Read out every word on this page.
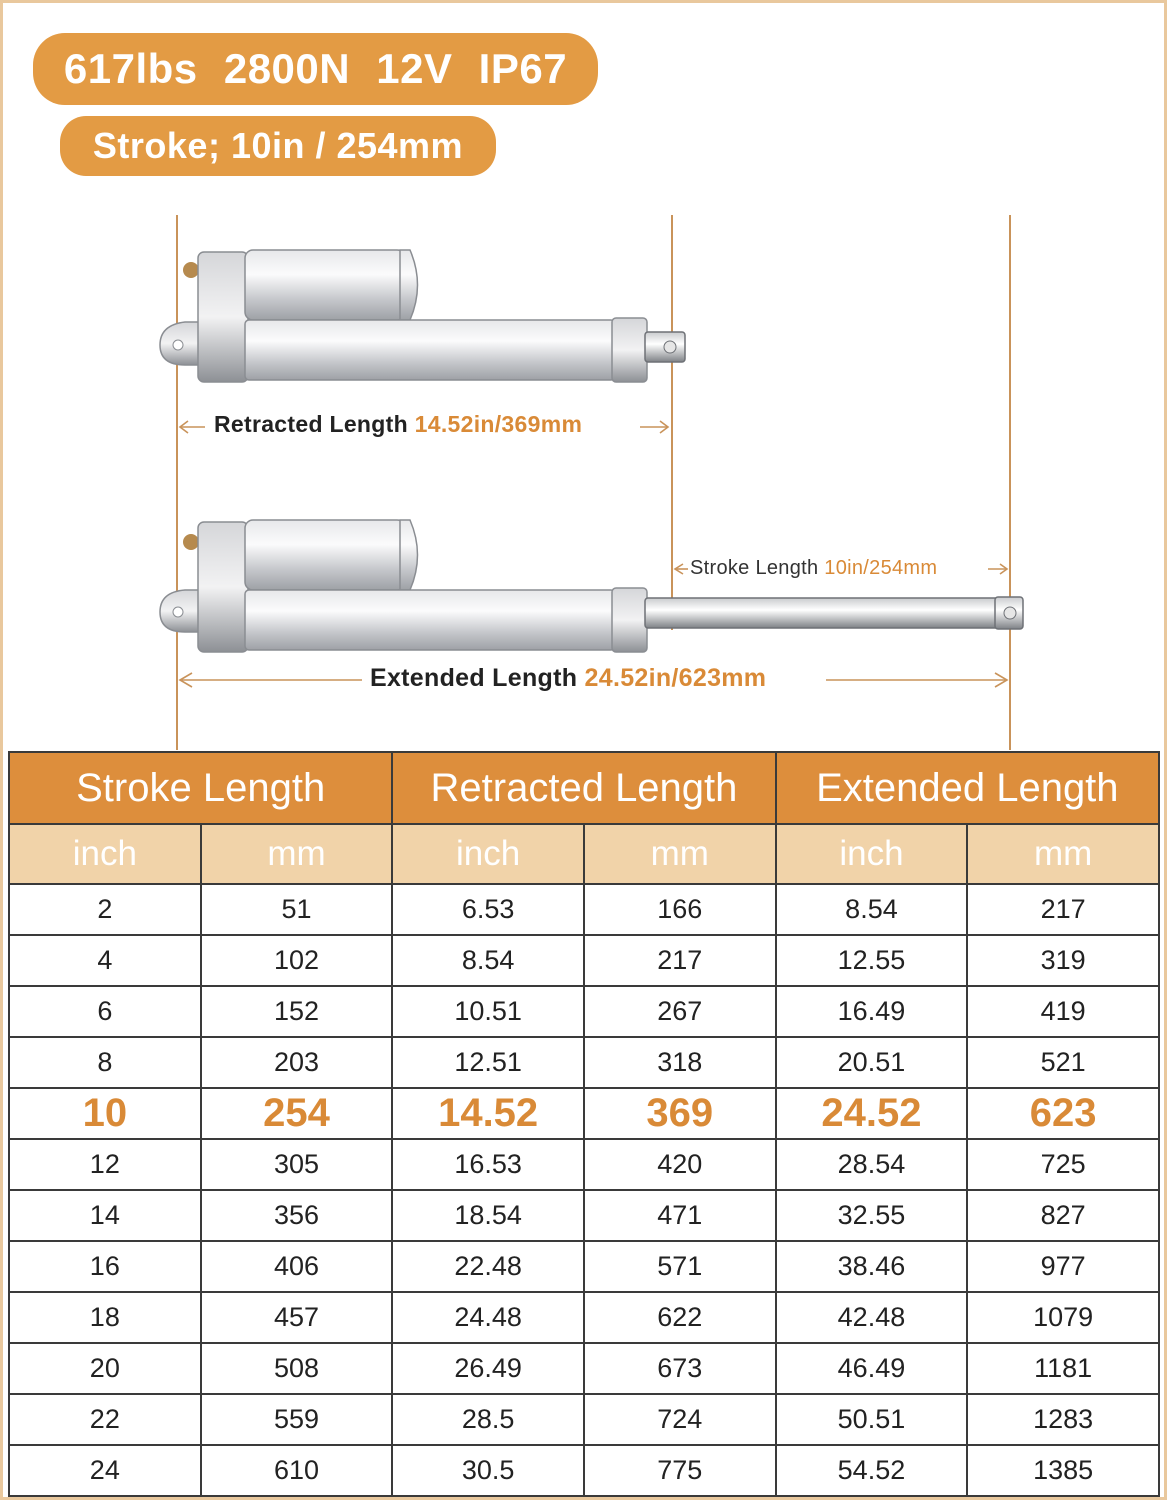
617lbs 2800N 12V IP67
Stroke; 10in / 254mm
Retracted Length 14.52in/369mm
Stroke Length 10in/254mm
Extended Length 24.52in/623mm
Stroke Length		Retracted Length		Extended Length	
inch	mm	inch	mm	inch	mm
2	51	6.53	166	8.54	217
4	102	8.54	217	12.55	319
6	152	10.51	267	16.49	419
8	203	12.51	318	20.51	521
10	254	14.52	369	24.52	623
12	305	16.53	420	28.54	725
14	356	18.54	471	32.55	827
16	406	22.48	571	38.46	977
18	457	24.48	622	42.48	1079
20	508	26.49	673	46.49	1181
22	559	28.5	724	50.51	1283
24	610	30.5	775	54.52	1385
